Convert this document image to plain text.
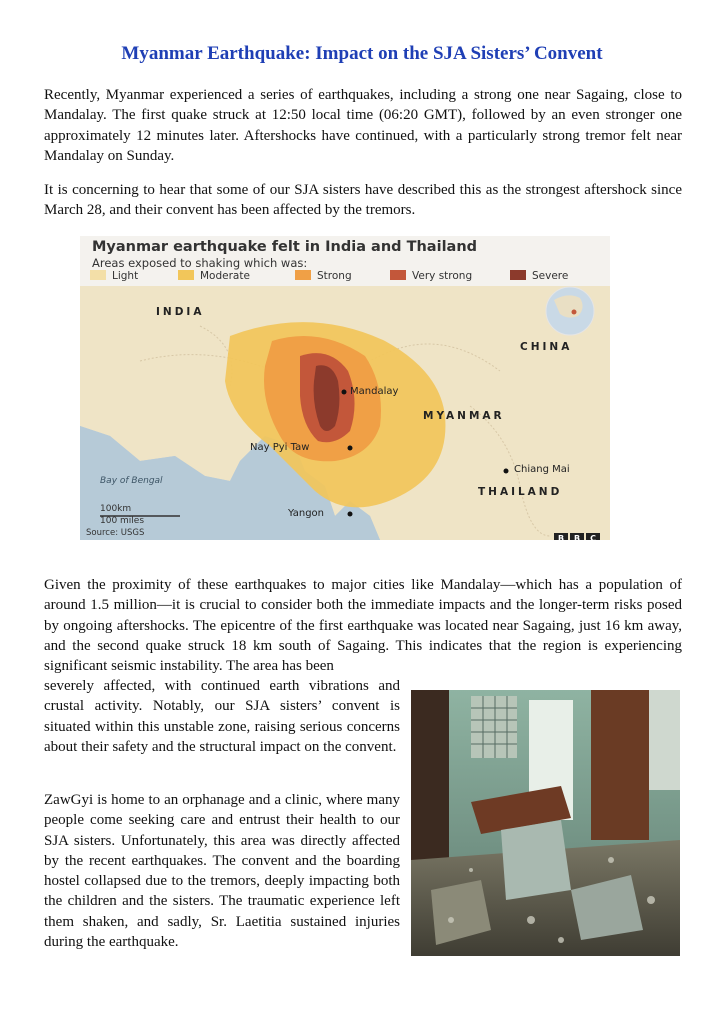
Myanmar Earthquake: Impact on the SJA Sisters’ Convent

Recently, Myanmar experienced a series of earthquakes, including a strong one near Sagaing, close to Mandalay. The first quake struck at 12:50 local time (06:20 GMT), followed by an even stronger one approximately 12 minutes later. Aftershocks have continued, with a particularly strong tremor felt near Mandalay on Sunday.

It is concerning to hear that some of our SJA sisters have described this as the strongest aftershock since March 28, and their convent has been affected by the tremors.

Myanmar earthquake felt in India and Thailand
Areas exposed to shaking which was:
Light	Moderate	Strong	Very strong	Severe
INDIA
CHINA
MYANMAR
THAILAND
Mandalay
Nay Pyi Taw
Chiang Mai
Yangon
Bay of Bengal
100km
100 miles
Source: USGS
B B C

Given the proximity of these earthquakes to major cities like Mandalay—which has a population of around 1.5 million—it is crucial to consider both the immediate impacts and the longer-term risks posed by ongoing aftershocks. The epicentre of the first earthquake was located near Sagaing, just 16 km away, and the second quake struck 18 km south of Sagaing. This indicates that the region is experiencing significant seismic instability. The area has been

severely affected, with continued earth vibrations and crustal activity. Notably, our SJA sisters’ convent is situated within this unstable zone, raising serious concerns about their safety and the structural impact on the convent.

ZawGyi is home to an orphanage and a clinic, where many people come seeking care and entrust their health to our SJA sisters. Unfortunately, this area was directly affected by the recent earthquakes. The convent and the boarding hostel collapsed due to the tremors, deeply impacting both the children and the sisters. The traumatic experience left them shaken, and sadly, Sr. Laetitia sustained injuries during the earthquake.
